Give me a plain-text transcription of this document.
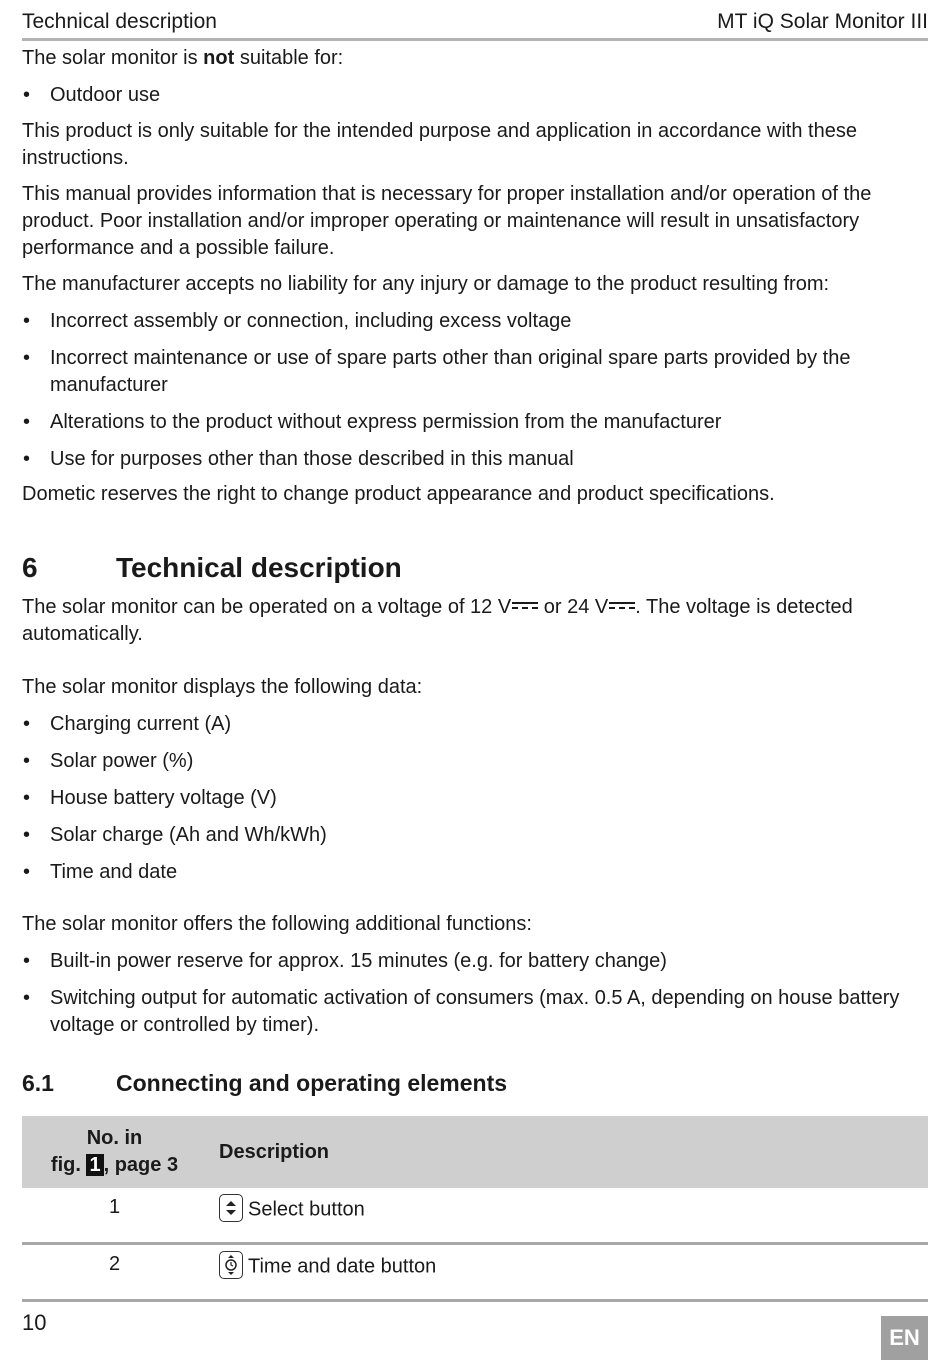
Technical description	MT iQ Solar Monitor III

The solar monitor is not suitable for:

• Outdoor use

This product is only suitable for the intended purpose and application in accordance with these instructions.

This manual provides information that is necessary for proper installation and/or operation of the product. Poor installation and/or improper operating or maintenance will result in unsatisfactory performance and a possible failure.

The manufacturer accepts no liability for any injury or damage to the product resulting from:

• Incorrect assembly or connection, including excess voltage
• Incorrect maintenance or use of spare parts other than original spare parts provided by the manufacturer
• Alterations to the product without express permission from the manufacturer
• Use for purposes other than those described in this manual

Dometic reserves the right to change product appearance and product specifications.

6	Technical description

The solar monitor can be operated on a voltage of 12 V or 24 V . The voltage is detected automatically.

The solar monitor displays the following data:

• Charging current (A)
• Solar power (%)
• House battery voltage (V)
• Solar charge (Ah and Wh/kWh)
• Time and date

The solar monitor offers the following additional functions:

• Built-in power reserve for approx. 15 minutes (e.g. for battery change)
• Switching output for automatic activation of consumers (max. 0.5 A, depending on house battery voltage or controlled by timer).
6.1	Connecting and operating elements
No. in
fig. 1 , page 3	Description
1	Select button
2	Time and date button
10
EN
